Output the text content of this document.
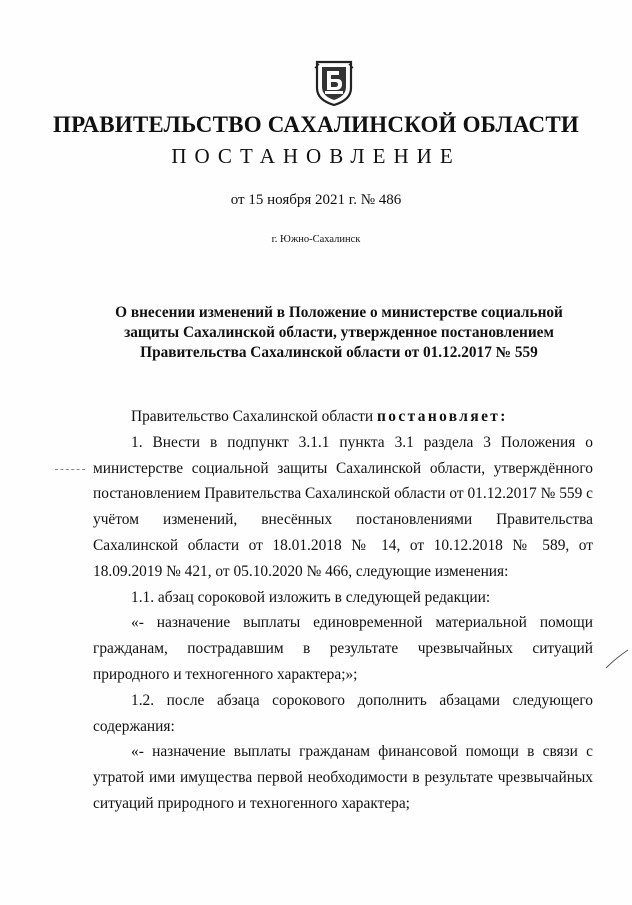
ПРАВИТЕЛЬСТВО САХАЛИНСКОЙ ОБЛАСТИ
ПОСТАНОВЛЕНИЕ
от 15 ноября 2021 г. № 486
г. Южно-Сахалинск
О внесении изменений в Положение о министерстве социальной защиты Сахалинской области, утвержденное постановлением Правительства Сахалинской области от 01.12.2017 № 559

Правительство Сахалинской области постановляет:

1. Внести в подпункт 3.1.1 пункта 3.1 раздела 3 Положения о министерстве социальной защиты Сахалинской области, утверждённого постановлением Правительства Сахалинской области от 01.12.2017 № 559 с учётом изменений, внесённых постановлениями Правительства Сахалинской области от 18.01.2018 № 14, от 10.12.2018 № 589, от 18.09.2019 № 421, от 05.10.2020 № 466, следующие изменения:

1.1. абзац сороковой изложить в следующей редакции:

«- назначение выплаты единовременной материальной помощи гражданам, пострадавшим в результате чрезвычайных ситуаций природного и техногенного характера;»;

1.2. после абзаца сорокового дополнить абзацами следующего содержания:

«- назначение выплаты гражданам финансовой помощи в связи с утратой ими имущества первой необходимости в результате чрезвычайных ситуаций природного и техногенного характера;
